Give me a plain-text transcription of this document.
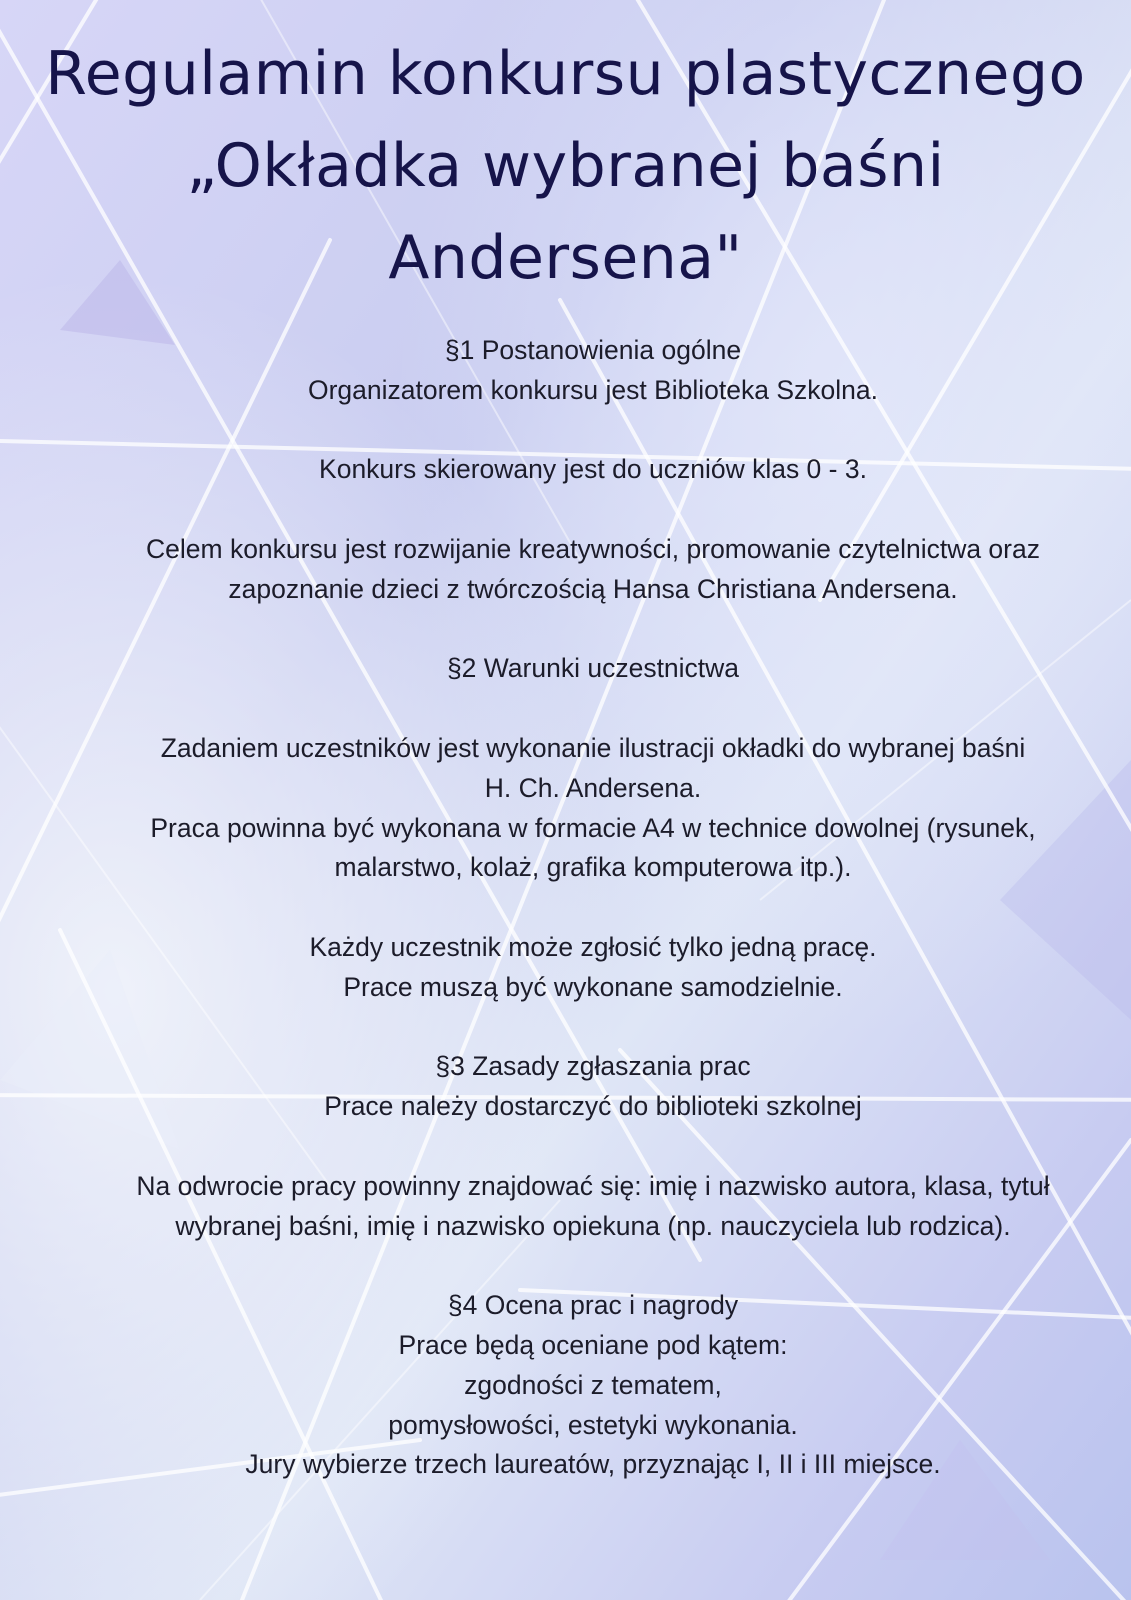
Regulamin konkursu plastycznego
„Okładka wybranej baśni
Andersena"

§1 Postanowienia ogólne

Organizatorem konkursu jest Biblioteka Szkolna.

Konkurs skierowany jest do uczniów klas 0 - 3.

Celem konkursu jest rozwijanie kreatywności, promowanie czytelnictwa oraz

zapoznanie dzieci z twórczością Hansa Christiana Andersena.

§2 Warunki uczestnictwa

Zadaniem uczestników jest wykonanie ilustracji okładki do wybranej baśni

H. Ch. Andersena.

Praca powinna być wykonana w formacie A4 w technice dowolnej (rysunek,

malarstwo, kolaż, grafika komputerowa itp.).

Każdy uczestnik może zgłosić tylko jedną pracę.

Prace muszą być wykonane samodzielnie.

§3 Zasady zgłaszania prac

Prace należy dostarczyć do biblioteki szkolnej

Na odwrocie pracy powinny znajdować się: imię i nazwisko autora, klasa, tytuł

wybranej baśni, imię i nazwisko opiekuna (np. nauczyciela lub rodzica).

§4 Ocena prac i nagrody

Prace będą oceniane pod kątem:

zgodności z tematem,

pomysłowości, estetyki wykonania.

Jury wybierze trzech laureatów, przyznając I, II i III miejsce.
